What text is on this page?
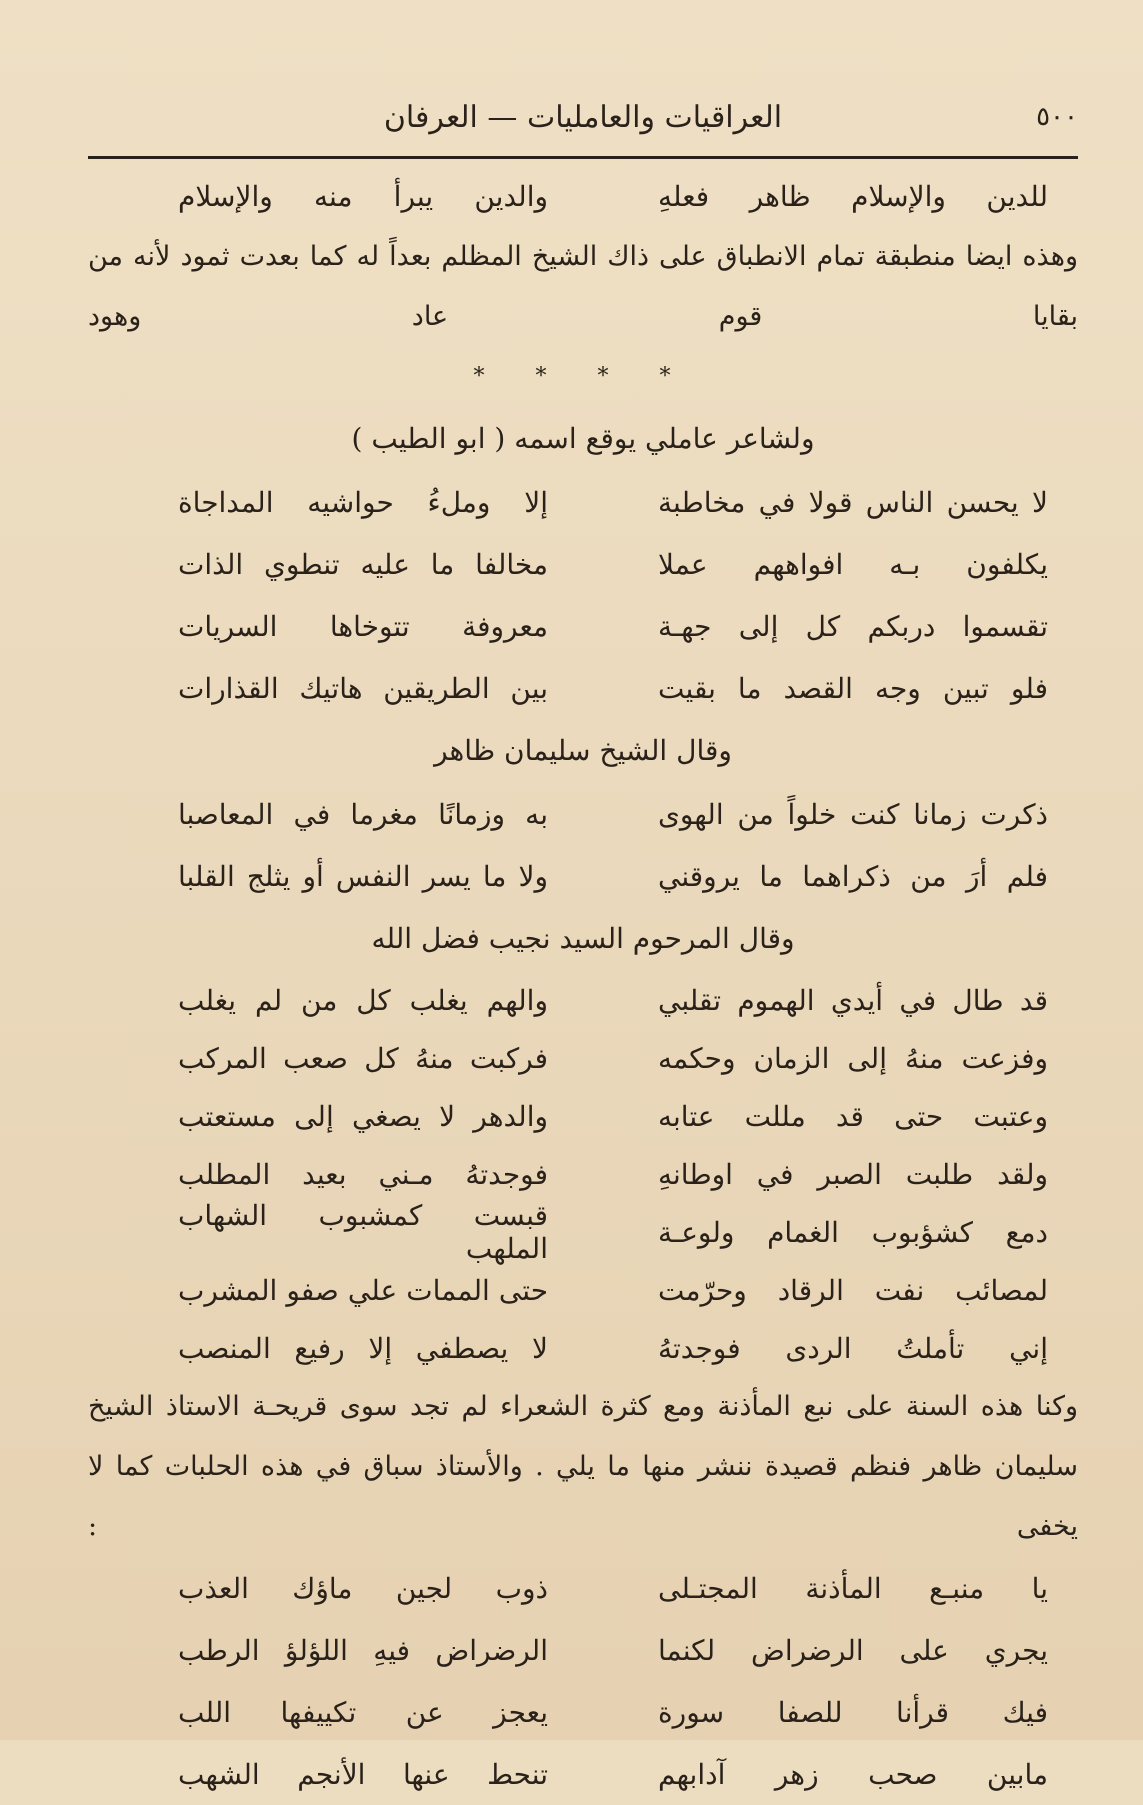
٥٠٠
العراقيات والعامليات — العرفان
للدين والإسلام ظاهر فعلهِ
والدين يبرأ منه والإسلام
وهذه ايضا منطبقة تمام الانطباق على ذاك الشيخ المظلم بعداً له كما بعدت ثمود لأنه من بقايا قوم عاد وهود
* * * *
ولشاعر عاملي يوقع اسمه ( ابو الطيب )
لا يحسن الناس قولا في مخاطبة
إلا وملءُ حواشيه المداجاة
يكلفون بـه افواههم عملا
مخالفا ما عليه تنطوي الذات
تقسموا دربكم كل إلى جهـة
معروفة تتوخاها السريات
فلو تبين وجه القصد ما بقيت
بين الطريقين هاتيك القذارات
وقال الشيخ سليمان ظاهر
ذكرت زمانا كنت خلواً من الهوى
به وزمانًا مغرما في المعاصبا
فلم أرَ من ذكراهما ما يروقني
ولا ما يسر النفس أو يثلج القلبا
وقال المرحوم السيد نجيب فضل الله
قد طال في أيدي الهموم تقلبي
والهم يغلب كل من لم يغلب
وفزعت منهُ إلى الزمان وحكمه
فركبت منهُ كل صعب المركب
وعتبت حتى قد مللت عتابه
والدهر لا يصغي إلى مستعتب
ولقد طلبت الصبر في اوطانهِ
فوجدتهُ مـني بعيد المطلب
دمع كشؤبوب الغمام ولوعـة
قبست كمشبوب الشهاب الملهب
لمصائب نفت الرقاد وحرّمت
حتى الممات علي صفو المشرب
إني تأملتُ الردى فوجدتهُ
لا يصطفي إلا رفيع المنصب
وكنا هذه السنة على نبع المأذنة ومع كثرة الشعراء لم تجد سوى قريحـة الاستاذ الشيخ
سليمان ظاهر فنظم قصيدة ننشر منها ما يلي . والأستاذ سباق في هذه الحلبات كما لا يخفى :
يا منبـع المأذنة المجتـلى
ذوب لجين ماؤك العذب
يجري على الرضراض لكنما
الرضراض فيهِ اللؤلؤ الرطب
فيك قرأنا للصفا سورة
يعجز عن تكييفها اللب
مابين صحب زهر آدابهم
تنحط عنها الأنجم الشهب
